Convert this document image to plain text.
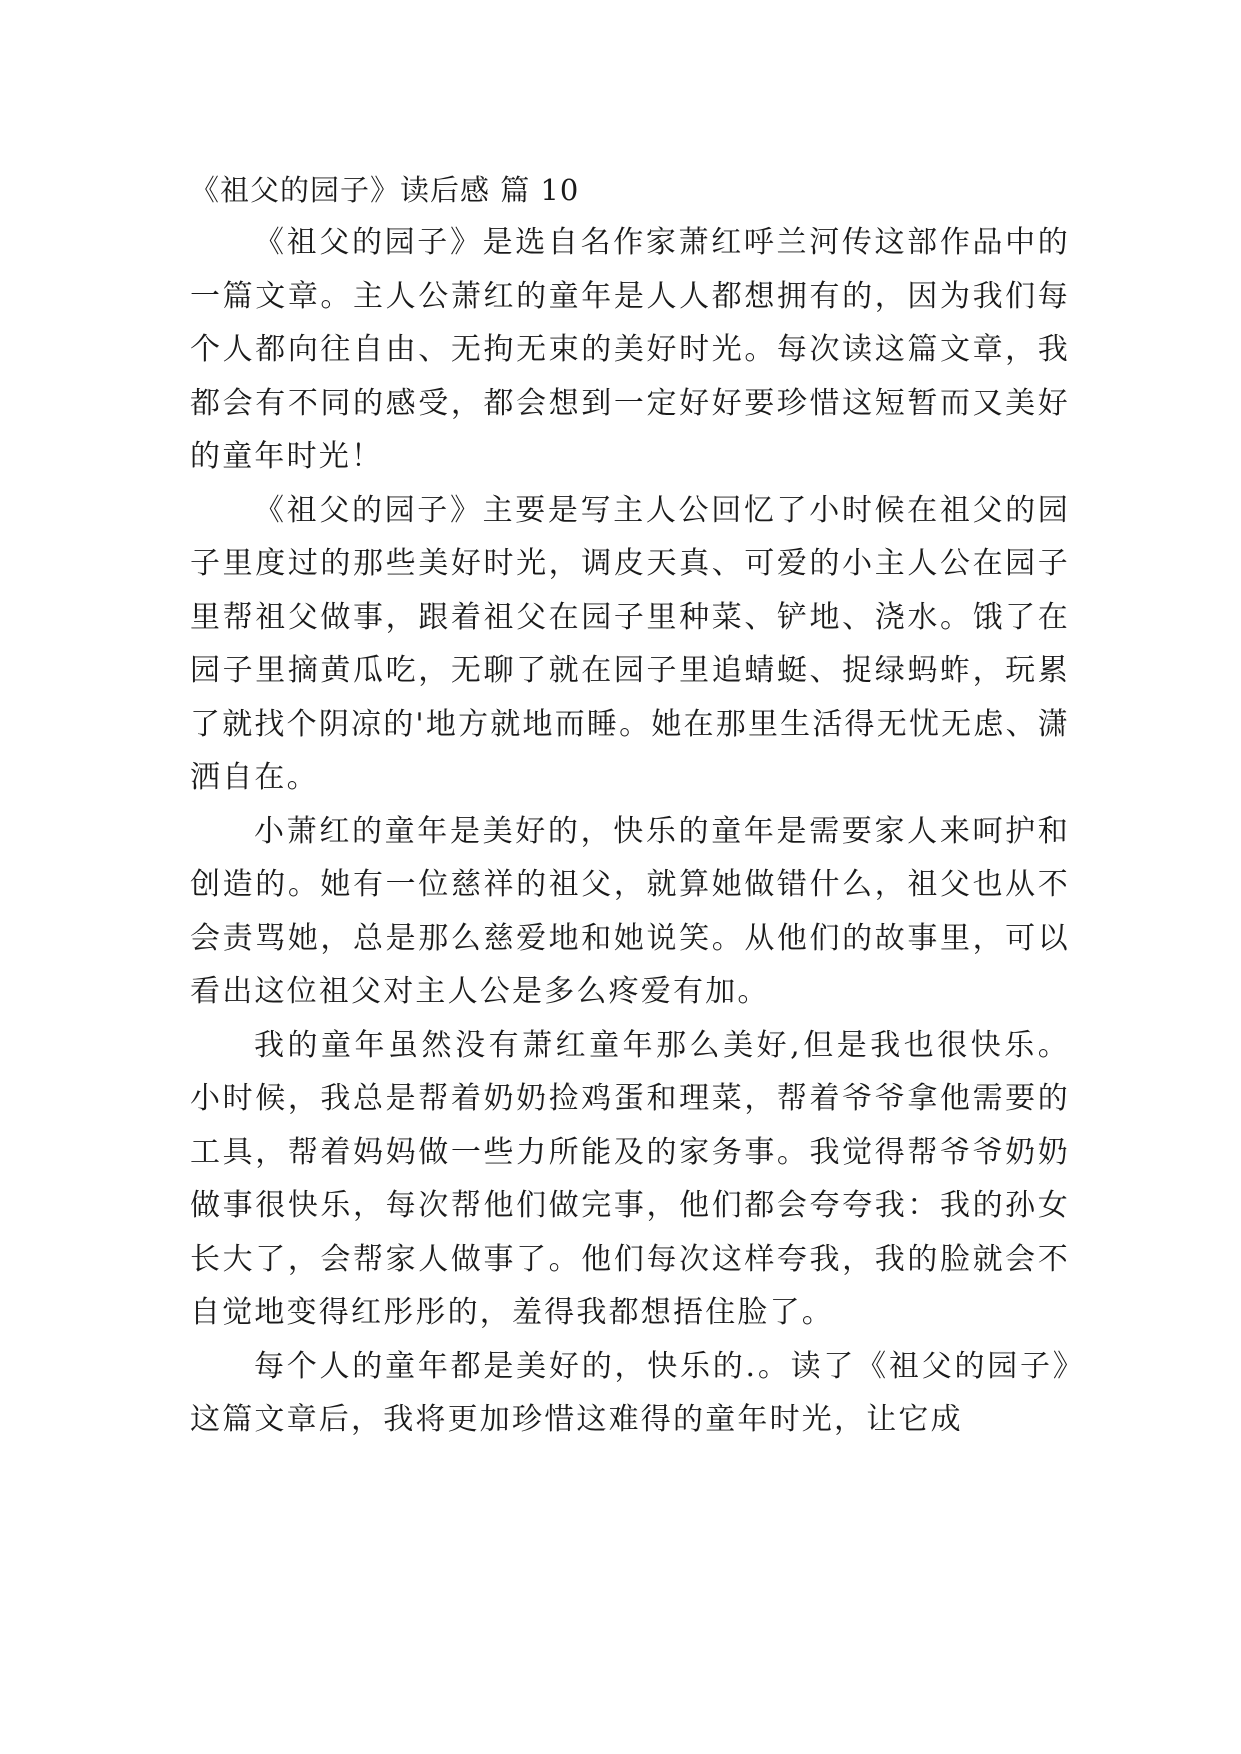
《祖父的园子》读后感 篇 10

《祖父的园子》是选自名作家萧红呼兰河传这部作品中的一篇文章。主人公萧红的童年是人人都想拥有的，因为我们每个人都向往自由、无拘无束的美好时光。每次读这篇文章，我都会有不同的感受，都会想到一定好好要珍惜这短暂而又美好的童年时光！

《祖父的园子》主要是写主人公回忆了小时候在祖父的园子里度过的那些美好时光，调皮天真、可爱的小主人公在园子里帮祖父做事，跟着祖父在园子里种菜、铲地、浇水。饿了在园子里摘黄瓜吃，无聊了就在园子里追蜻蜓、捉绿蚂蚱，玩累了就找个阴凉的'地方就地而睡。她在那里生活得无忧无虑、潇洒自在。

小萧红的童年是美好的，快乐的童年是需要家人来呵护和创造的。她有一位慈祥的祖父，就算她做错什么，祖父也从不会责骂她，总是那么慈爱地和她说笑。从他们的故事里，可以看出这位祖父对主人公是多么疼爱有加。

我的童年虽然没有萧红童年那么美好,但是我也很快乐。小时候，我总是帮着奶奶捡鸡蛋和理菜，帮着爷爷拿他需要的工具，帮着妈妈做一些力所能及的家务事。我觉得帮爷爷奶奶做事很快乐，每次帮他们做完事，他们都会夸夸我：我的孙女长大了，会帮家人做事了。他们每次这样夸我，我的脸就会不自觉地变得红彤彤的，羞得我都想捂住脸了。

每个人的童年都是美好的，快乐的.。读了《祖父的园子》这篇文章后，我将更加珍惜这难得的童年时光，让它成
